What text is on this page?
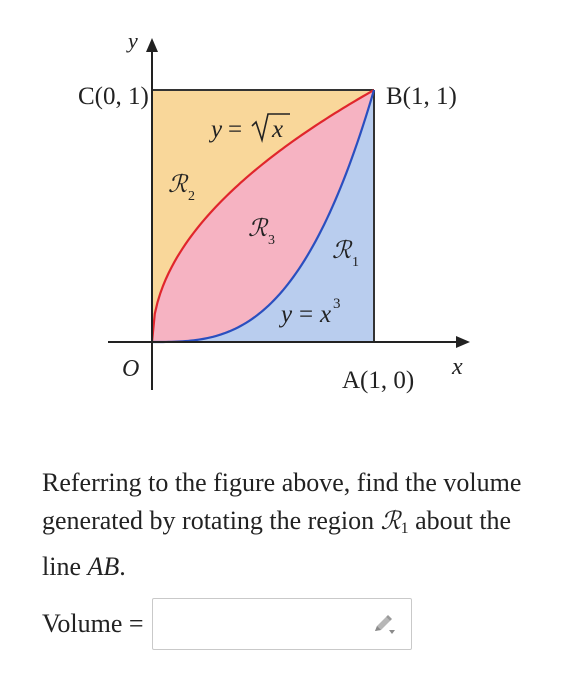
y
x
O
C(0, 1)	B(1, 1)
A(1, 0)
y = x
y = x 3
ℛ 2
ℛ 3 ℛ 1
Referring to the figure above, find the volume generated by rotating the region ℛ$_1$ about the line AB.
Volume =
